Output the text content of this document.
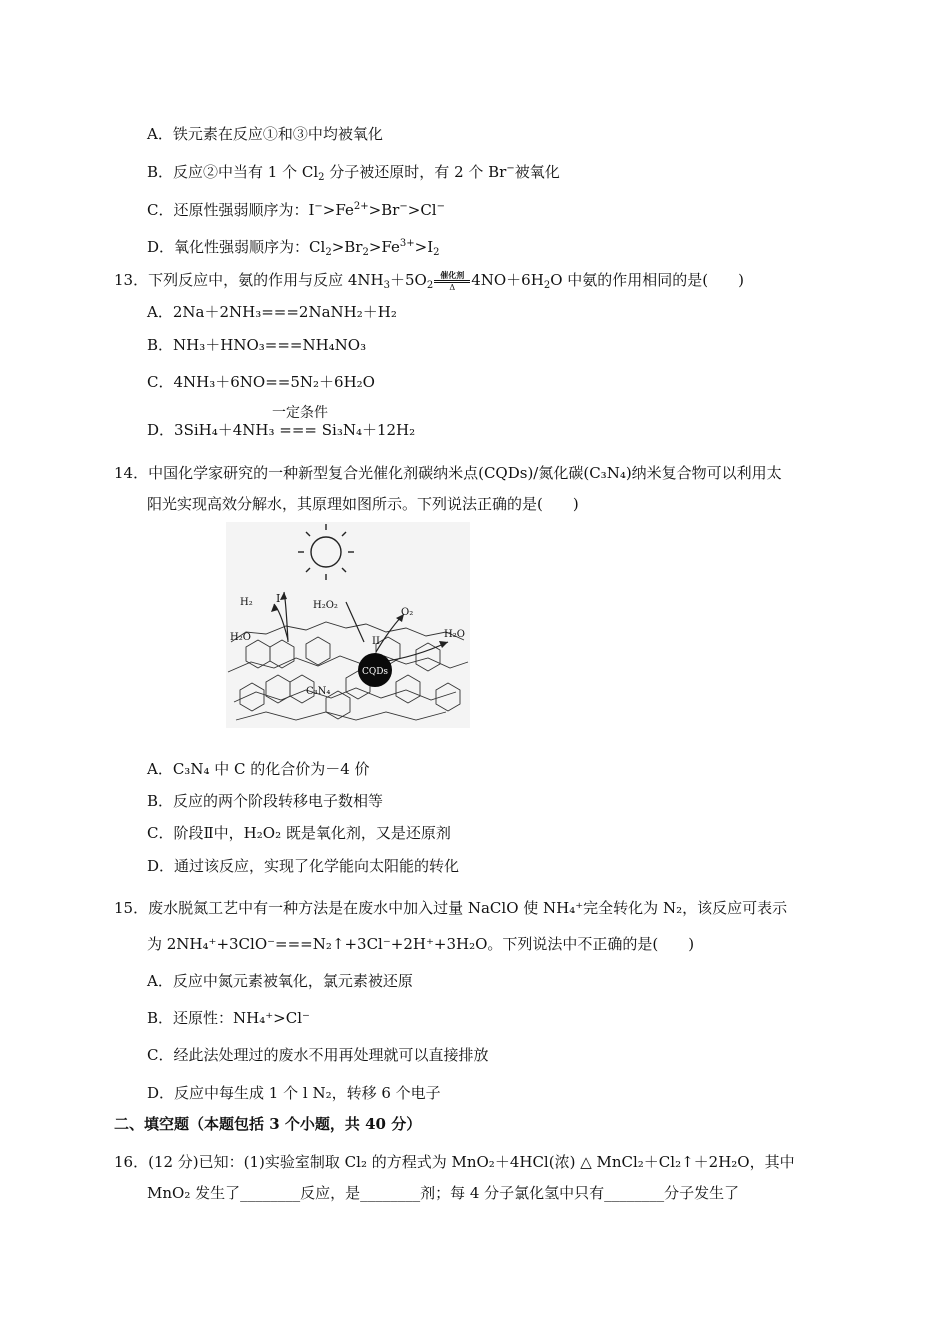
A．铁元素在反应①和③中均被氧化
B．反应②中当有 1 个 $Cl_2$ 分子被还原时，有 2 个 Br−被氧化
C．还原性强弱顺序为：$I^->Fe^{2+}>Br^->Cl^-$
D．氧化性强弱顺序为：$Cl_2>Br_2>Fe^{3+}>I_2$
13．下列反应中，氨的作用与反应 $4NH_3+5O_2$
催化剂
Δ	$4NO+6H_2O$ 中氨的作用相同的是(　　)
A．2Na＋2NH₃===2NaNH₂＋H₂
B．NH₃＋HNO₃===NH₄NO₃
C．4NH₃＋6NO==5N₂＋6H₂O
一定条件
D．3SiH₄＋4NH₃ === Si₃N₄＋12H₂
14．中国化学家研究的一种新型复合光催化剂碳纳米点(CQDs)/氮化碳(C₃N₄)纳米复合物可以利用太
阳光实现高效分解水，其原理如图所示。下列说法正确的是(　　)
CQDs
H₂ I
H₂O₂
O₂
H₂O	II
H₂O
C₃N₄
A．C₃N₄ 中 C 的化合价为－4 价
B．反应的两个阶段转移电子数相等
C．阶段Ⅱ中，H₂O₂ 既是氧化剂，又是还原剂
D．通过该反应，实现了化学能向太阳能的转化
15．废水脱氮工艺中有一种方法是在废水中加入过量 NaClO 使 NH₄⁺完全转化为 N₂，该反应可表示
为 2NH₄⁺+3ClO⁻===N₂↑+3Cl⁻+2H⁺+3H₂O。下列说法中不正确的是(　　)
A．反应中氮元素被氧化，氯元素被还原
B．还原性：NH₄⁺>Cl⁻
C．经此法处理过的废水不用再处理就可以直接排放
D．反应中每生成 1 个 l N₂，转移 6 个电子
二、填空题（本题包括 3 个小题，共 40 分）
16．(12 分)已知：(1)实验室制取 Cl₂ 的方程式为 MnO₂＋4HCl(浓) △ MnCl₂＋Cl₂↑＋2H₂O，其中
MnO₂ 发生了________反应，是________剂；每 4 分子氯化氢中只有________分子发生了
